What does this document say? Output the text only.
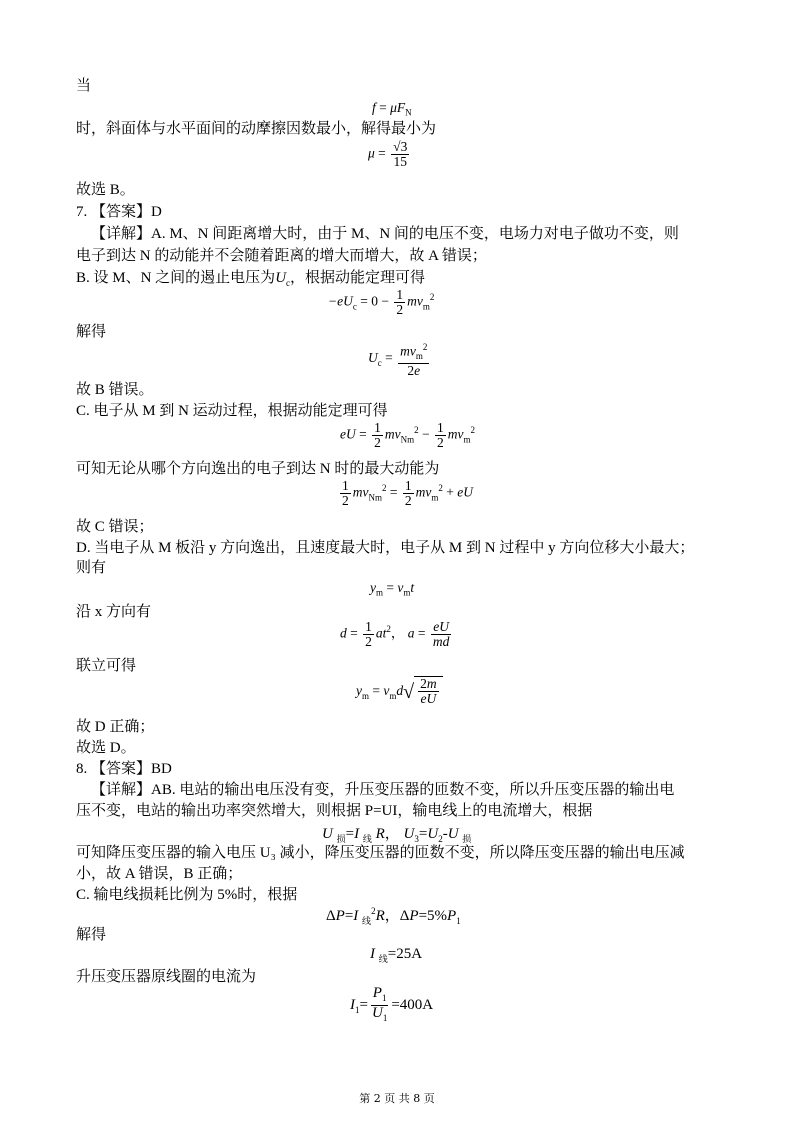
当
$f = \mu F_N$
时，斜面体与水平面间的动摩擦因数最小，解得最小为
$\mu = \frac{√3}{15}$
故选 B。
7. 【答案】D
【详解】A. M、N 间距离增大时，由于 M、N 间的电压不变，电场力对电子做功不变，则
电子到达 N 的动能并不会随着距离的增大而增大，故 A 错误；
B. 设 M、N 之间的遏止电压为$U_c$，根据动能定理可得
$-eU_c = 0 - \frac{1}{2} mv_m^2$
解得
$U_c = \frac{mv_m^2}{2e}$
故 B 错误。
C. 电子从 M 到 N 运动过程，根据动能定理可得
eU = $\frac{1}{2} mv_{Nm}^2 - \frac{1}{2} mv_m^2$
可知无论从哪个方向逸出的电子到达 N 时的最大动能为
$\frac{1}{2} mv_{Nm}^2 = \frac{1}{2} mv_m^2$ + eU
故 C 错误；
D. 当电子从 M 板沿 y 方向逸出，且速度最大时，电子从 M 到 N 过程中 y 方向位移大小最大；
则有
$y_m = v_mt$
沿 x 方向有
$d = \frac{1}{2} at^2$， $a = \frac{eU}{md}$
联立可得
$y_m = v_md$ √ $\frac{2m}{eU}$
故 D 正确；
故选 D。
8. 【答案】BD
【详解】AB. 电站的输出电压没有变，升压变压器的匝数不变，所以升压变压器的输出电
压不变，电站的输出功率突然增大，则根据 P=UI，输电线上的电流增大，根据
U $_损$=I $_线$ R， $U_3=U_2-U$ $_损$
可知降压变压器的输入电压 U₃ 减小，降压变压器的匝数不变，所以降压变压器的输出电压减
小，故 A 错误，B 正确；
C. 输电线损耗比例为 5%时，根据
ΔP=I $_线^2$R，$\Delta P=5\%P_1$
解得
I $_线$=25A
升压变压器原线圈的电流为
$I_1= \frac{P_1}{U_1} =400A$
第 2 页 共 8 页
